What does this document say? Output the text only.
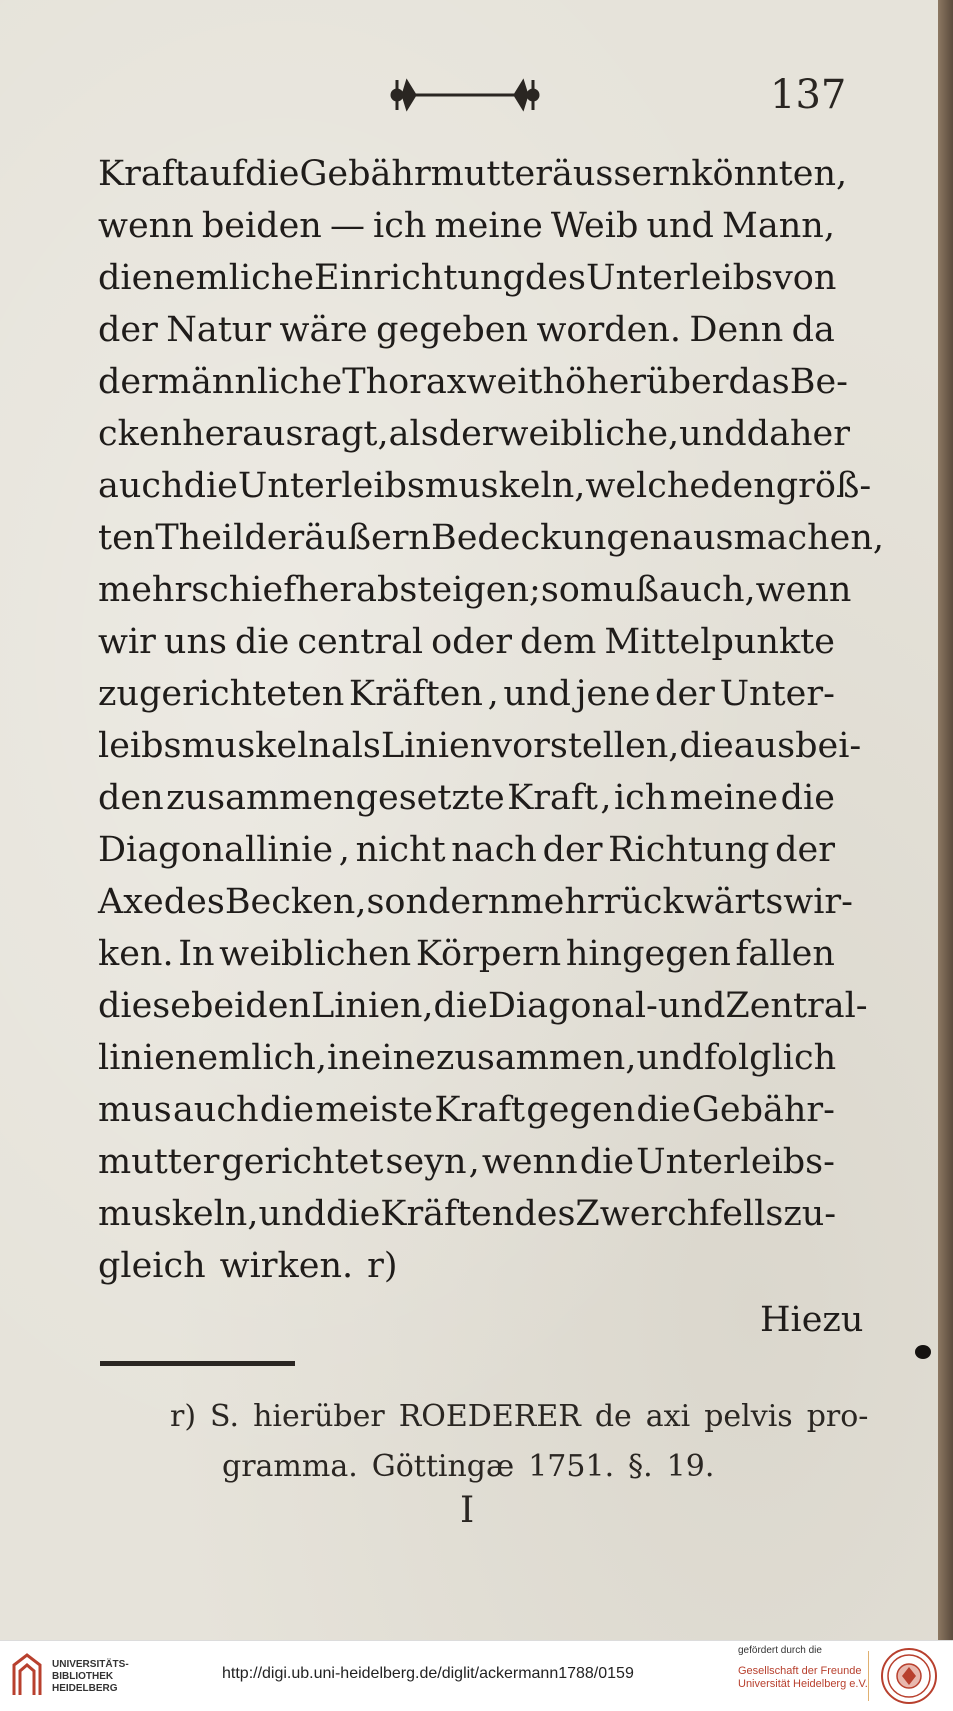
137
Kraft auf die Gebährmutter äussern könnten,
wenn beiden — ich meine Weib und Mann,
die nemliche Einrichtung des Unterleibs von
der Natur wäre gegeben worden. Denn da
der männliche Thorax weit höher über das Be-
cken herausragt, als der weibliche, und daher
auch die Unterleibsmuskeln, welche den größ-
ten Theil der äußern Bedeckungen ausmachen,
mehr schief herabsteigen ; so muß auch, wenn
wir uns die central oder dem Mittelpunkte
zugerichteten Kräften , und jene der Unter-
leibsmuskeln als Linien vorstellen, die aus bei-
den zusammengesetzte Kraft , ich meine die
Diagonallinie , nicht nach der Richtung der
Axe des Becken, sondern mehr rückwärts wir-
ken. In weiblichen Körpern hingegen fallen
diese beiden Linien, die Diagonal-und Zentral-
linie nemlich, in eine zusammen, und folglich
mus auch die meiste Kraft gegen die Gebähr-
mutter gerichtet seyn , wenn die Unterleibs-
muskeln, und die Kräften des Zwerchfells zu-
gleich wirken. r)
Hiezu
r) S. hierüber ROEDERER de axi pelvis pro-
gramma. Göttingæ 1751. §. 19.
I
UNIVERSITÄTS-
BIBLIOTHEK
HEIDELBERG
http://digi.ub.uni-heidelberg.de/diglit/ackermann1788/0159
gefördert durch die
Gesellschaft der Freunde
Universität Heidelberg e.V.
